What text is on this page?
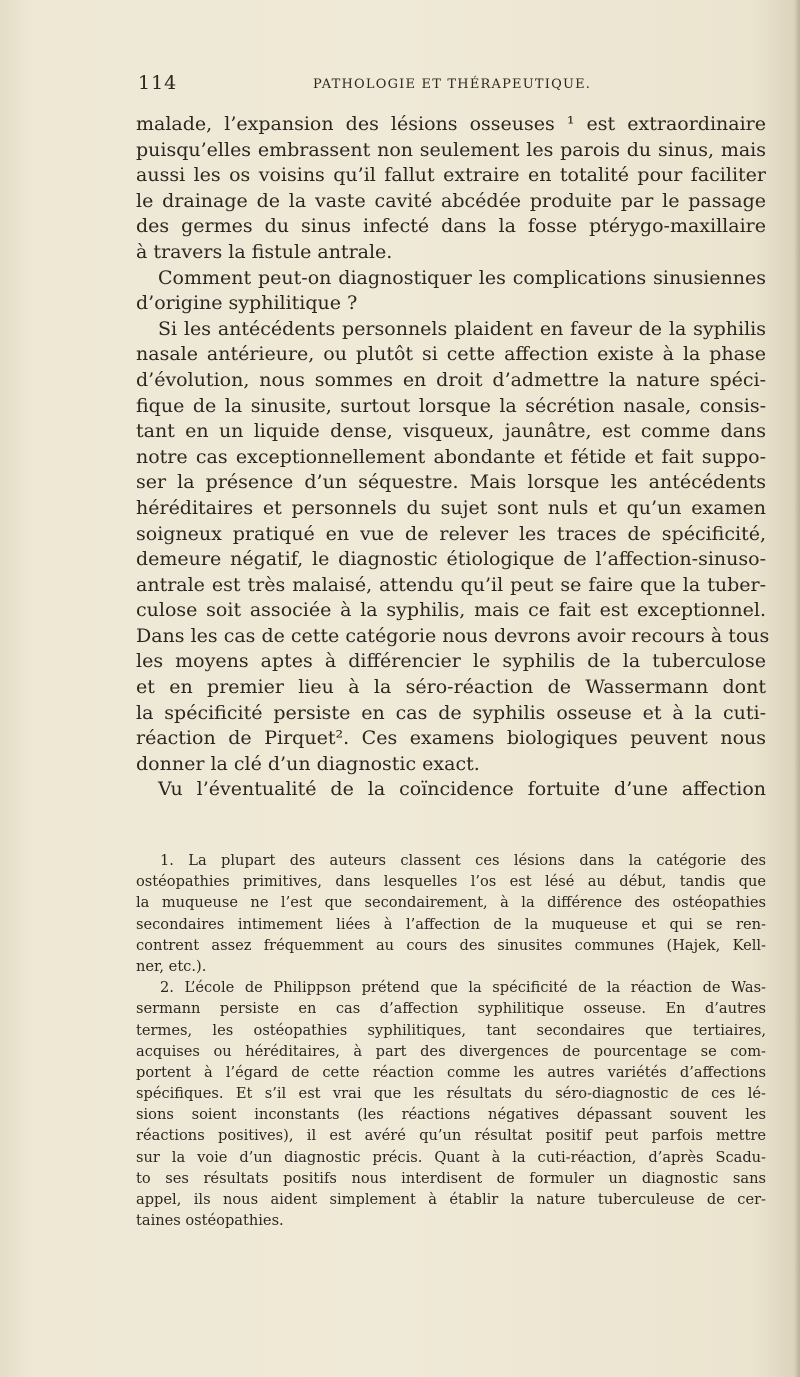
114	PATHOLOGIE ET THÉRAPEUTIQUE.
malade, l’expansion des lésions osseuses ¹ est extraordinaire
puisqu’elles embrassent non seulement les parois du sinus, mais
aussi les os voisins qu’il fallut extraire en totalité pour faciliter
le drainage de la vaste cavité abcédée produite par le passage
des germes du sinus infecté dans la fosse ptérygo-maxillaire
à travers la fistule antrale.
Comment peut-on diagnostiquer les complications sinusiennes
d’origine syphilitique ?
Si les antécédents personnels plaident en faveur de la syphilis
nasale antérieure, ou plutôt si cette affection existe à la phase
d’évolution, nous sommes en droit d’admettre la nature spéci-
fique de la sinusite, surtout lorsque la sécrétion nasale, consis-
tant en un liquide dense, visqueux, jaunâtre, est comme dans
notre cas exceptionnellement abondante et fétide et fait suppo-
ser la présence d’un séquestre. Mais lorsque les antécédents
héréditaires et personnels du sujet sont nuls et qu’un examen
soigneux pratiqué en vue de relever les traces de spécificité,
demeure négatif, le diagnostic étiologique de l’affection-sinuso-
antrale est très malaisé, attendu qu’il peut se faire que la tuber-
culose soit associée à la syphilis, mais ce fait est exceptionnel.
Dans les cas de cette catégorie nous devrons avoir recours à tous
les moyens aptes à différencier le syphilis de la tuberculose
et en premier lieu à la séro-réaction de Wassermann dont
la spécificité persiste en cas de syphilis osseuse et à la cuti-
réaction de Pirquet². Ces examens biologiques peuvent nous
donner la clé d’un diagnostic exact.
Vu l’éventualité de la coïncidence fortuite d’une affection
1. La plupart des auteurs classent ces lésions dans la catégorie des
ostéopathies primitives, dans lesquelles l’os est lésé au début, tandis que
la muqueuse ne l’est que secondairement, à la différence des ostéopathies
secondaires intimement liées à l’affection de la muqueuse et qui se ren-
contrent assez fréquemment au cours des sinusites communes (Hajek, Kell-
ner, etc.).
2. L’école de Philippson prétend que la spécificité de la réaction de Was-
sermann persiste en cas d’affection syphilitique osseuse. En d’autres
termes, les ostéopathies syphilitiques, tant secondaires que tertiaires,
acquises ou héréditaires, à part des divergences de pourcentage se com-
portent à l’égard de cette réaction comme les autres variétés d’affections
spécifiques. Et s’il est vrai que les résultats du séro-diagnostic de ces lé-
sions soient inconstants (les réactions négatives dépassant souvent les
réactions positives), il est avéré qu’un résultat positif peut parfois mettre
sur la voie d’un diagnostic précis. Quant à la cuti-réaction, d’après Scadu-
to ses résultats positifs nous interdisent de formuler un diagnostic sans
appel, ils nous aident simplement à établir la nature tuberculeuse de cer-
taines ostéopathies.
